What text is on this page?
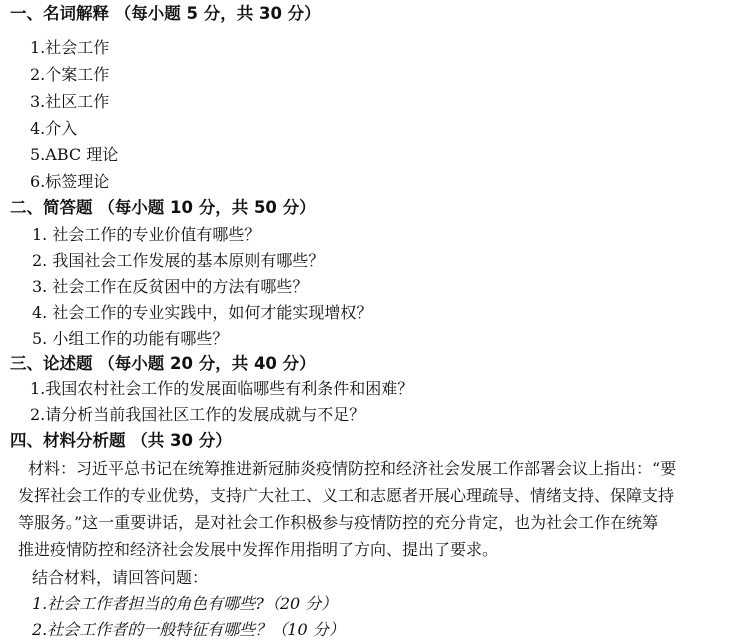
一、名词解释 （每小题 5 分，共 30 分）
1.社会工作
2.个案工作
3.社区工作
4.介入
5.ABC 理论
6.标签理论
二、简答题 （每小题 10 分，共 50 分）
1. 社会工作的专业价值有哪些？
2. 我国社会工作发展的基本原则有哪些？
3. 社会工作在反贫困中的方法有哪些？
4. 社会工作的专业实践中，如何才能实现增权？
5. 小组工作的功能有哪些？
三、论述题 （每小题 20 分，共 40 分）
1.我国农村社会工作的发展面临哪些有利条件和困难？
2.请分析当前我国社区工作的发展成就与不足？
四、材料分析题 （共 30 分）
材料：习近平总书记在统筹推进新冠肺炎疫情防控和经济社会发展工作部署会议上指出：“要
发挥社会工作的专业优势，支持广大社工、义工和志愿者开展心理疏导、情绪支持、保障支持
等服务。”这一重要讲话，是对社会工作积极参与疫情防控的充分肯定，也为社会工作在统筹
推进疫情防控和经济社会发展中发挥作用指明了方向、提出了要求。
结合材料，请回答问题：
1.社会工作者担当的角色有哪些?（20 分）
2.社会工作者的一般特征有哪些？（10 分）
